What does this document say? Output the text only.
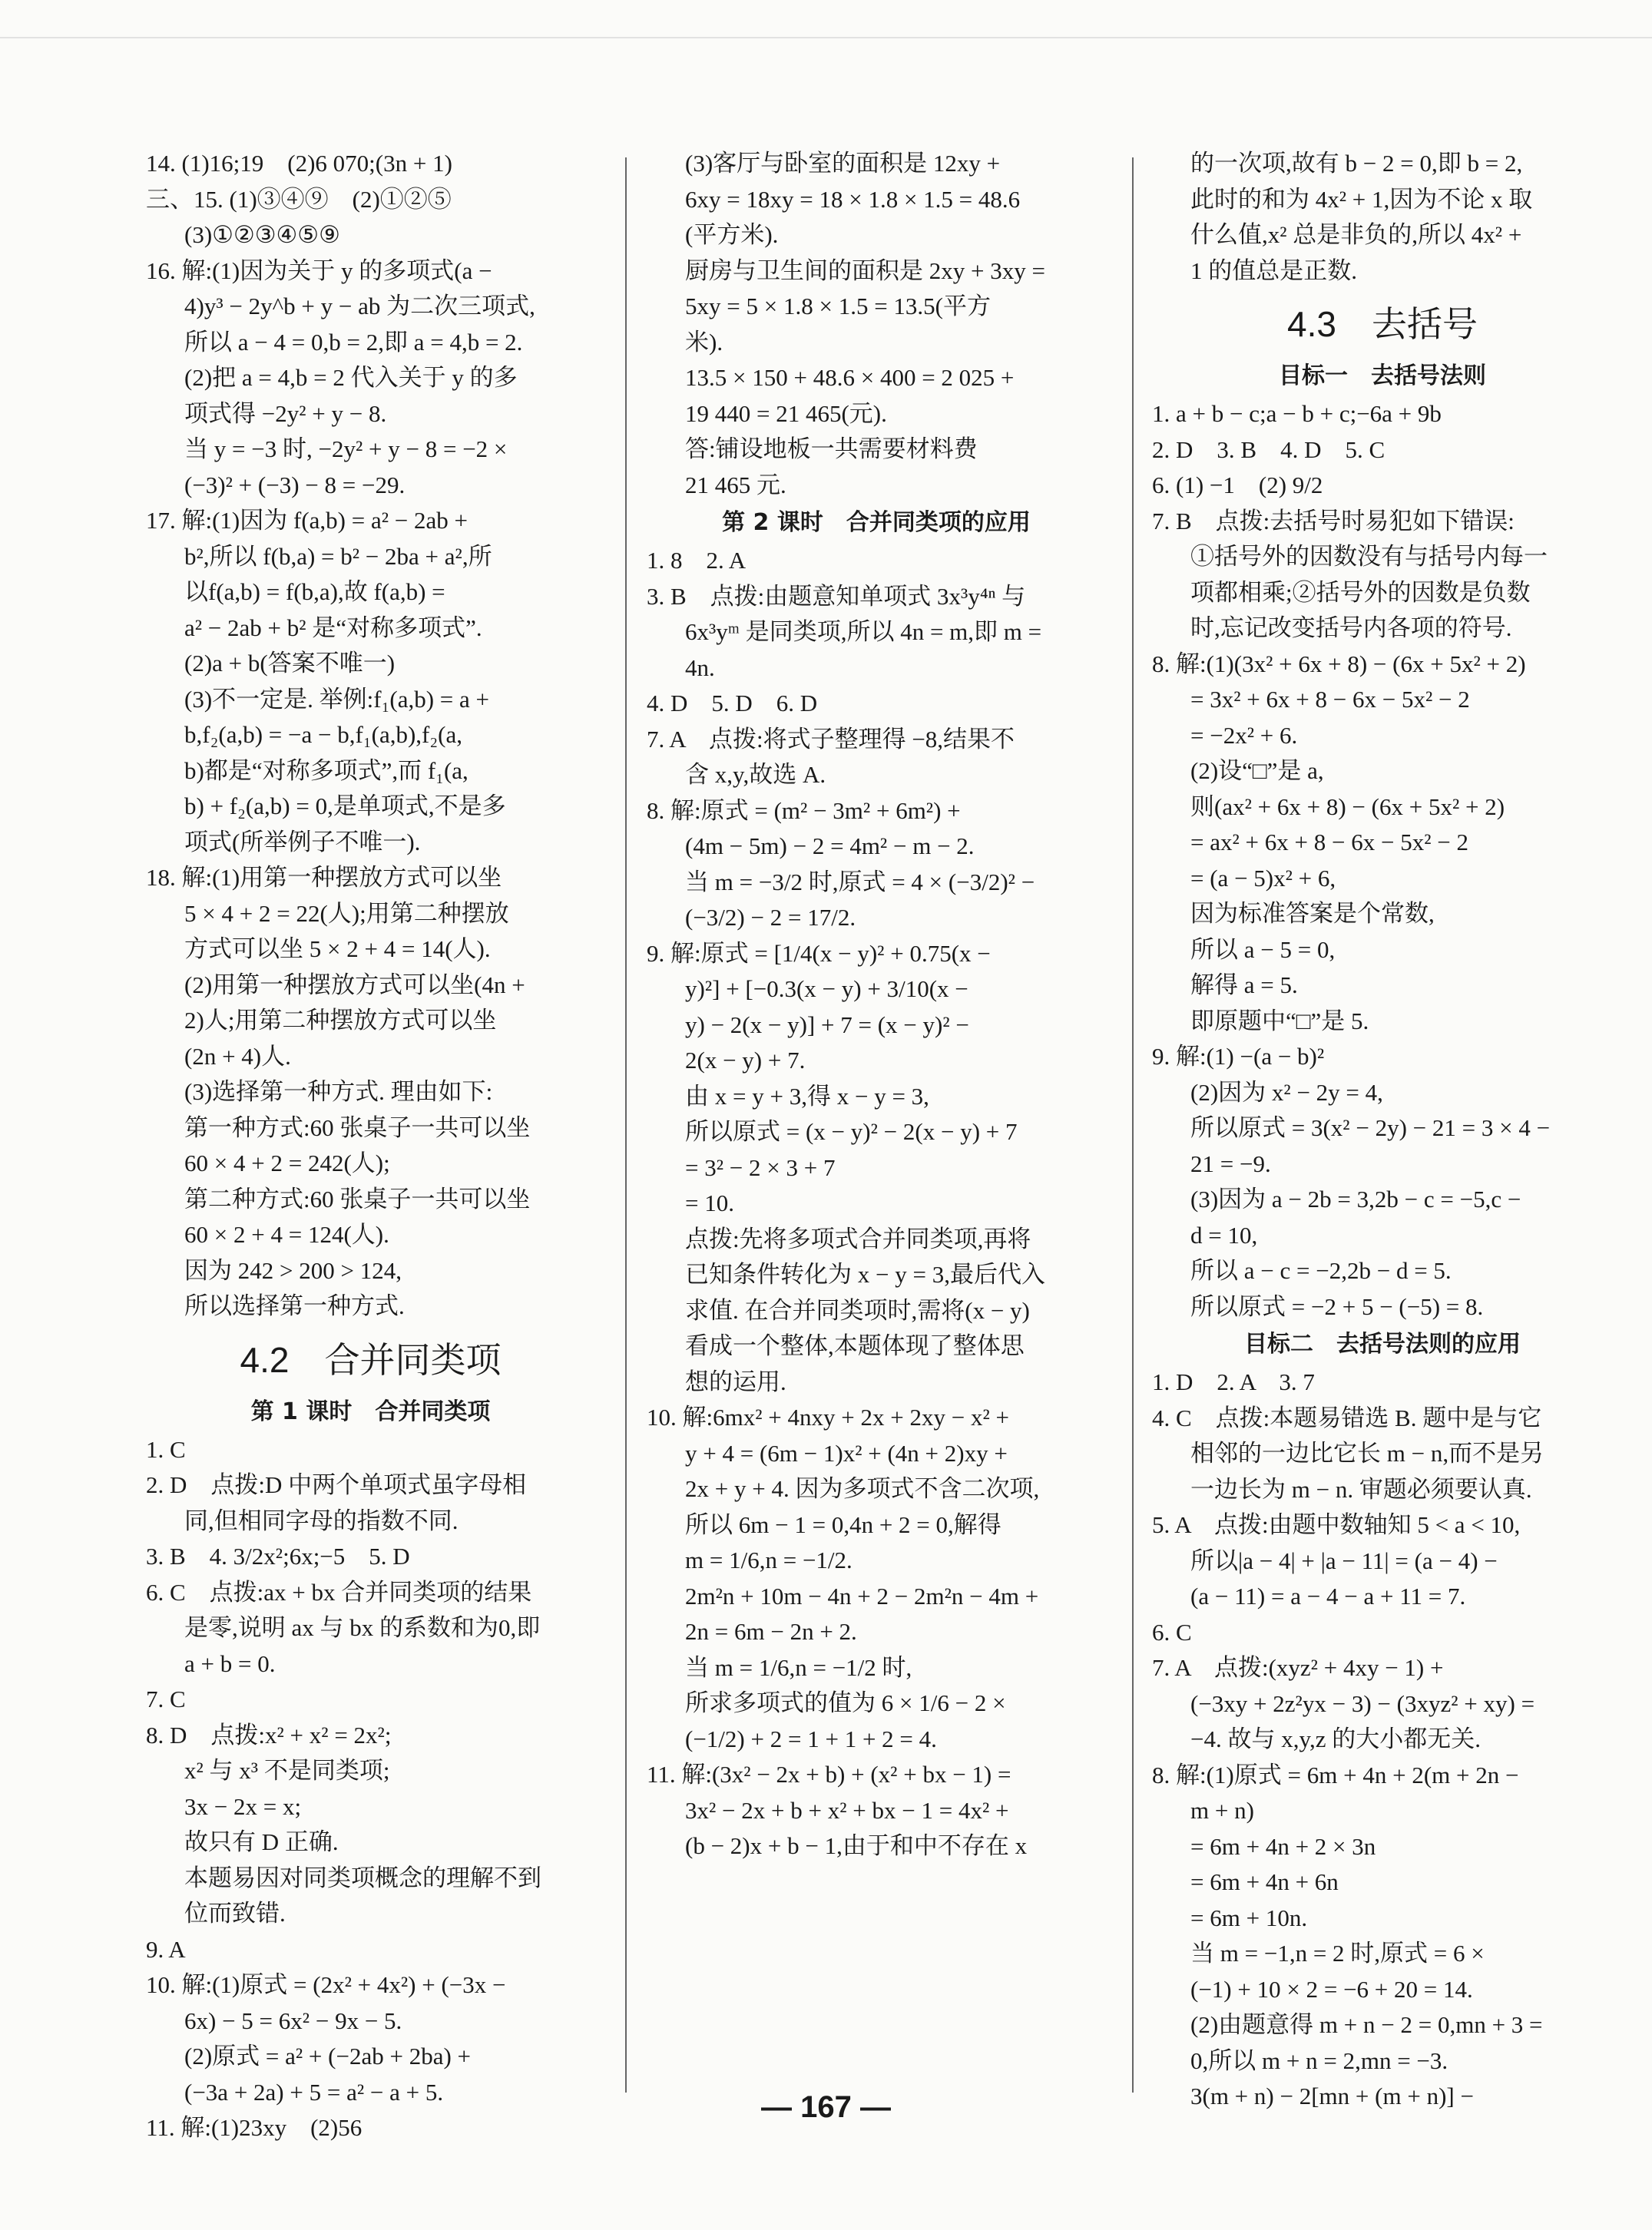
14. (1)16;19　(2)6 070;(3n + 1)
三、15. (1)③④⑨　(2)①②⑤
(3)①②③④⑤⑨
16. 解:(1)因为关于 y 的多项式(a −
4)y³ − 2y^b + y − ab 为二次三项式,
所以 a − 4 = 0,b = 2,即 a = 4,b = 2.
(2)把 a = 4,b = 2 代入关于 y 的多
项式得 −2y² + y − 8.
当 y = −3 时, −2y² + y − 8 = −2 ×
(−3)² + (−3) − 8 = −29.
17. 解:(1)因为 f(a,b) = a² − 2ab +
b²,所以 f(b,a) = b² − 2ba + a²,所
以f(a,b) = f(b,a),故 f(a,b) =
a² − 2ab + b² 是“对称多项式”.
(2)a + b(答案不唯一)
(3)不一定是. 举例:f₁(a,b) = a +
b,f₂(a,b) = −a − b,f₁(a,b),f₂(a,
b)都是“对称多项式”,而 f₁(a,
b) + f₂(a,b) = 0,是单项式,不是多
项式(所举例子不唯一).
18. 解:(1)用第一种摆放方式可以坐
5 × 4 + 2 = 22(人);用第二种摆放
方式可以坐 5 × 2 + 4 = 14(人).
(2)用第一种摆放方式可以坐(4n +
2)人;用第二种摆放方式可以坐
(2n + 4)人.
(3)选择第一种方式. 理由如下:
第一种方式:60 张桌子一共可以坐
60 × 4 + 2 = 242(人);
第二种方式:60 张桌子一共可以坐
60 × 2 + 4 = 124(人).
因为 242 > 200 > 124,
所以选择第一种方式.
4.2　合并同类项
第 1 课时　合并同类项
1. C
2. D　点拨:D 中两个单项式虽字母相
同,但相同字母的指数不同.
3. B　4. 3/2x²;6x;−5　5. D
6. C　点拨:ax + bx 合并同类项的结果
是零,说明 ax 与 bx 的系数和为0,即
a + b = 0.
7. C
8. D　点拨:x² + x² = 2x²;
x² 与 x³ 不是同类项;
3x − 2x = x;
故只有 D 正确.
本题易因对同类项概念的理解不到
位而致错.
9. A
10. 解:(1)原式 = (2x² + 4x²) + (−3x −
6x) − 5 = 6x² − 9x − 5.
(2)原式 = a² + (−2ab + 2ba) +
(−3a + 2a) + 5 = a² − a + 5.
11. 解:(1)23xy　(2)56
(3)客厅与卧室的面积是 12xy +
6xy = 18xy = 18 × 1.8 × 1.5 = 48.6
(平方米).
厨房与卫生间的面积是 2xy + 3xy =
5xy = 5 × 1.8 × 1.5 = 13.5(平方
米).
13.5 × 150 + 48.6 × 400 = 2 025 +
19 440 = 21 465(元).
答:铺设地板一共需要材料费
21 465 元.
第 2 课时　合并同类项的应用
1. 8　2. A
3. B　点拨:由题意知单项式 3x³y⁴ⁿ 与
6x³yᵐ 是同类项,所以 4n = m,即 m =
4n.
4. D　5. D　6. D
7. A　点拨:将式子整理得 −8,结果不
含 x,y,故选 A.
8. 解:原式 = (m² − 3m² + 6m²) +
(4m − 5m) − 2 = 4m² − m − 2.
当 m = −3/2 时,原式 = 4 × (−3/2)² −
(−3/2) − 2 = 17/2.
9. 解:原式 = [1/4(x − y)² + 0.75(x −
y)²] + [−0.3(x − y) + 3/10(x −
y) − 2(x − y)] + 7 = (x − y)² −
2(x − y) + 7.
由 x = y + 3,得 x − y = 3,
所以原式 = (x − y)² − 2(x − y) + 7
= 3² − 2 × 3 + 7
= 10.
点拨:先将多项式合并同类项,再将
已知条件转化为 x − y = 3,最后代入
求值. 在合并同类项时,需将(x − y)
看成一个整体,本题体现了整体思
想的运用.
10. 解:6mx² + 4nxy + 2x + 2xy − x² +
y + 4 = (6m − 1)x² + (4n + 2)xy +
2x + y + 4. 因为多项式不含二次项,
所以 6m − 1 = 0,4n + 2 = 0,解得
m = 1/6,n = −1/2.
2m²n + 10m − 4n + 2 − 2m²n − 4m +
2n = 6m − 2n + 2.
当 m = 1/6,n = −1/2 时,
所求多项式的值为 6 × 1/6 − 2 ×
(−1/2) + 2 = 1 + 1 + 2 = 4.
11. 解:(3x² − 2x + b) + (x² + bx − 1) =
3x² − 2x + b + x² + bx − 1 = 4x² +
(b − 2)x + b − 1,由于和中不存在 x
的一次项,故有 b − 2 = 0,即 b = 2,
此时的和为 4x² + 1,因为不论 x 取
什么值,x² 总是非负的,所以 4x² +
1 的值总是正数.
4.3　去括号
目标一　去括号法则
1. a + b − c;a − b + c;−6a + 9b
2. D　3. B　4. D　5. C
6. (1) −1　(2) 9/2
7. B　点拨:去括号时易犯如下错误:
①括号外的因数没有与括号内每一
项都相乘;②括号外的因数是负数
时,忘记改变括号内各项的符号.
8. 解:(1)(3x² + 6x + 8) − (6x + 5x² + 2)
= 3x² + 6x + 8 − 6x − 5x² − 2
= −2x² + 6.
(2)设“□”是 a,
则(ax² + 6x + 8) − (6x + 5x² + 2)
= ax² + 6x + 8 − 6x − 5x² − 2
= (a − 5)x² + 6,
因为标准答案是个常数,
所以 a − 5 = 0,
解得 a = 5.
即原题中“□”是 5.
9. 解:(1) −(a − b)²
(2)因为 x² − 2y = 4,
所以原式 = 3(x² − 2y) − 21 = 3 × 4 −
21 = −9.
(3)因为 a − 2b = 3,2b − c = −5,c −
d = 10,
所以 a − c = −2,2b − d = 5.
所以原式 = −2 + 5 − (−5) = 8.
目标二　去括号法则的应用
1. D　2. A　3. 7
4. C　点拨:本题易错选 B. 题中是与它
相邻的一边比它长 m − n,而不是另
一边长为 m − n. 审题必须要认真.
5. A　点拨:由题中数轴知 5 < a < 10,
所以|a − 4| + |a − 11| = (a − 4) −
(a − 11) = a − 4 − a + 11 = 7.
6. C
7. A　点拨:(xyz² + 4xy − 1) +
(−3xy + 2z²yx − 3) − (3xyz² + xy) =
−4. 故与 x,y,z 的大小都无关.
8. 解:(1)原式 = 6m + 4n + 2(m + 2n −
m + n)
= 6m + 4n + 2 × 3n
= 6m + 4n + 6n
= 6m + 10n.
当 m = −1,n = 2 时,原式 = 6 ×
(−1) + 10 × 2 = −6 + 20 = 14.
(2)由题意得 m + n − 2 = 0,mn + 3 =
0,所以 m + n = 2,mn = −3.
3(m + n) − 2[mn + (m + n)] −
— 167 —
